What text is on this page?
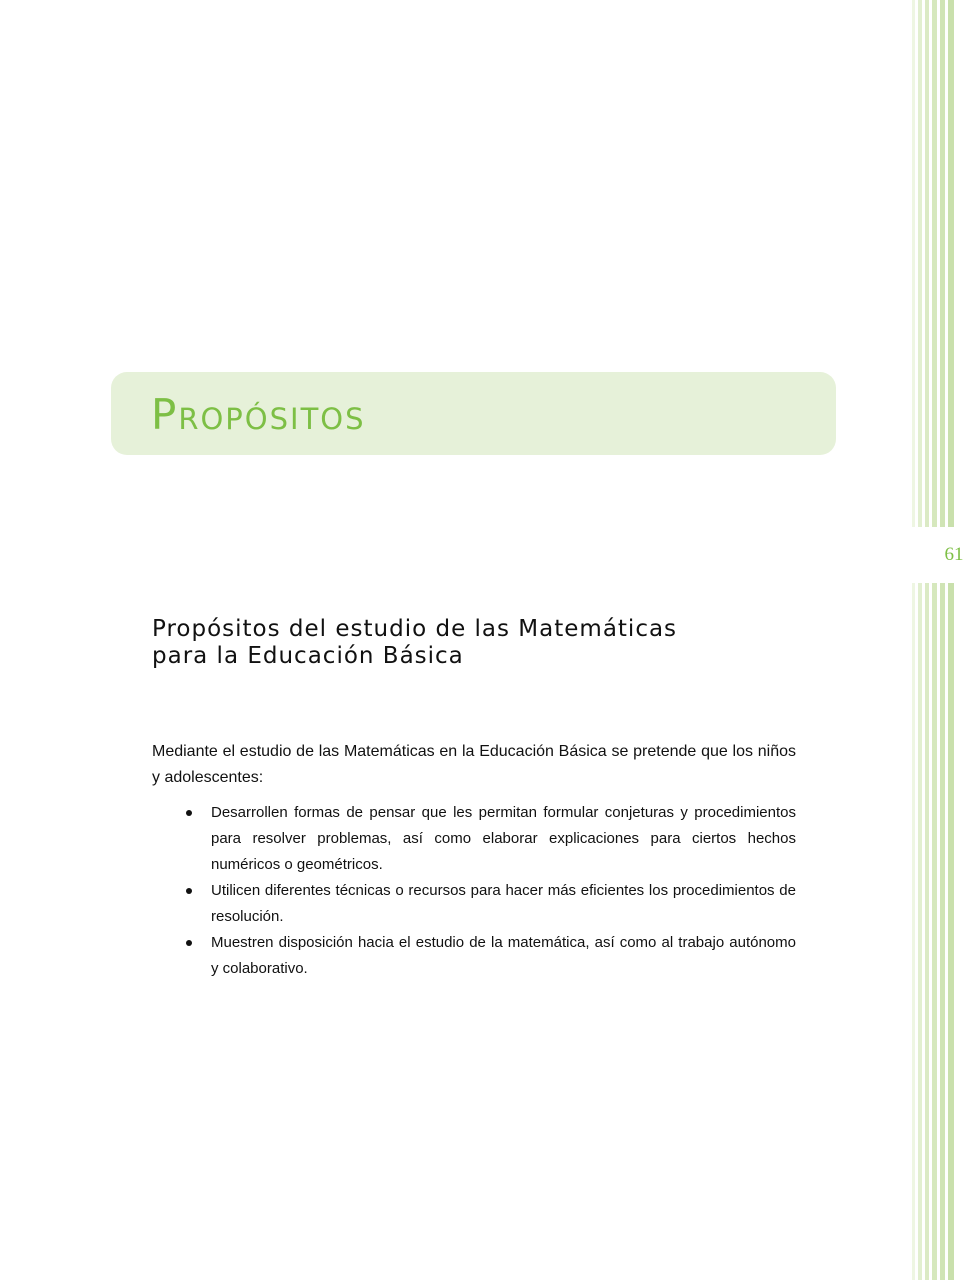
61
Propósitos
Propósitos del estudio de las Matemáticas
para la Educación Básica

Mediante el estudio de las Matemáticas en la Educación Básica se pretende que los niños y adolescentes:

Desarrollen formas de pensar que les permitan formular conjeturas y procedimientos para resolver problemas, así como elaborar explicaciones para ciertos hechos numéricos o geométricos.
Utilicen diferentes técnicas o recursos para hacer más eficientes los procedimientos de resolución.
Muestren disposición hacia el estudio de la matemática, así como al trabajo autónomo y colaborativo.
